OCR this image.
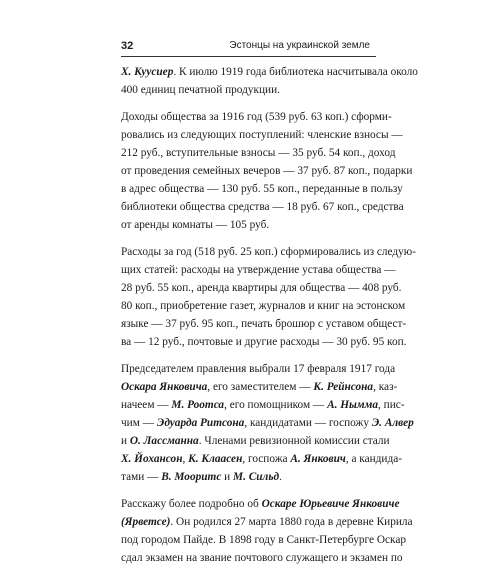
32	Эстонцы на украинской земле
Х. Куусиер. К июлю 1919 года библиотека насчитывала около
400 единиц печатной продукции.
Доходы общества за 1916 год (539 руб. 63 коп.) сформи-
ровались из следующих поступлений: членские взносы —
212 руб., вступительные взносы — 35 руб. 54 коп., доход
от проведения семейных вечеров — 37 руб. 87 коп., подарки
в адрес общества — 130 руб. 55 коп., переданные в пользу
библиотеки общества средства — 18 руб. 67 коп., средства
от аренды комнаты — 105 руб.
Расходы за год (518 руб. 25 коп.) сформировались из следую-
щих статей: расходы на утверждение устава общества —
28 руб. 55 коп., аренда квартиры для общества — 408 руб.
80 коп., приобретение газет, журналов и книг на эстонском
языке — 37 руб. 95 коп., печать брошюр с уставом общест-
ва — 12 руб., почтовые и другие расходы — 30 руб. 95 коп.
Председателем правления выбрали 17 февраля 1917 года
Оскара Янковича, его заместителем — К. Рейнсона, каз-
начеем — М. Роотса, его помощником — А. Нымма, пис-
чим — Эдуарда Ритсона, кандидатами — госпожу Э. Алвер
и О. Лассманна. Членами ревизионной комиссии стали
Х. Йохансон, К. Клаасен, госпожа А. Янкович, а кандида-
тами — В. Мооритс и М. Сильд.
Расскажу более подробно об Оскаре Юрьевиче Янковиче
(Ярветсе). Он родился 27 марта 1880 года в деревне Кирила
под городом Пайде. В 1898 году в Санкт-Петербурге Оскар
сдал экзамен на звание почтового служащего и экзамен по
